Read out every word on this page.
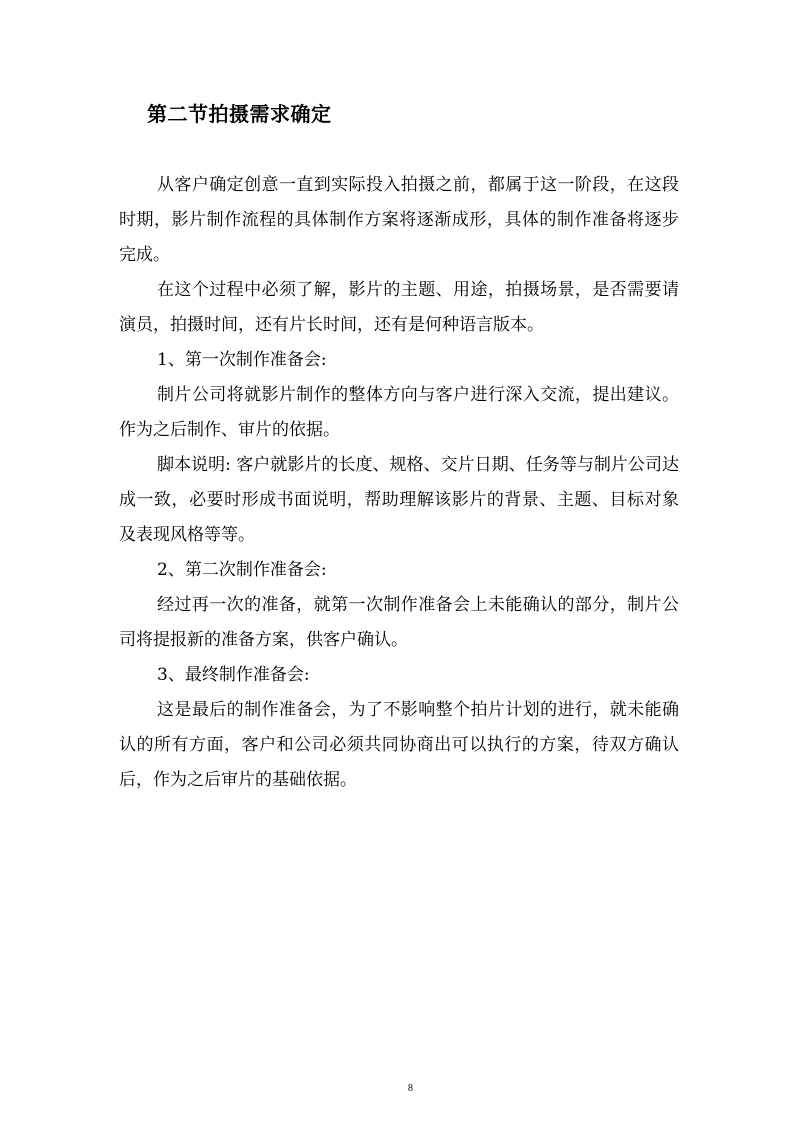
第二节拍摄需求确定

从客户确定创意一直到实际投入拍摄之前，都属于这一阶段，在这段时期，影片制作流程的具体制作方案将逐渐成形，具体的制作准备将逐步完成。

在这个过程中必须了解，影片的主题、用途，拍摄场景，是否需要请演员，拍摄时间，还有片长时间，还有是何种语言版本。

1、第一次制作准备会:

制片公司将就影片制作的整体方向与客户进行深入交流，提出建议。作为之后制作、审片的依据。

脚本说明: 客户就影片的长度、规格、交片日期、任务等与制片公司达成一致，必要时形成书面说明，帮助理解该影片的背景、主题、目标对象及表现风格等等。

2、第二次制作准备会:

经过再一次的准备，就第一次制作准备会上未能确认的部分，制片公司将提报新的准备方案，供客户确认。

3、最终制作准备会:

这是最后的制作准备会，为了不影响整个拍片计划的进行，就未能确认的所有方面，客户和公司必须共同协商出可以执行的方案，待双方确认后，作为之后审片的基础依据。

8
